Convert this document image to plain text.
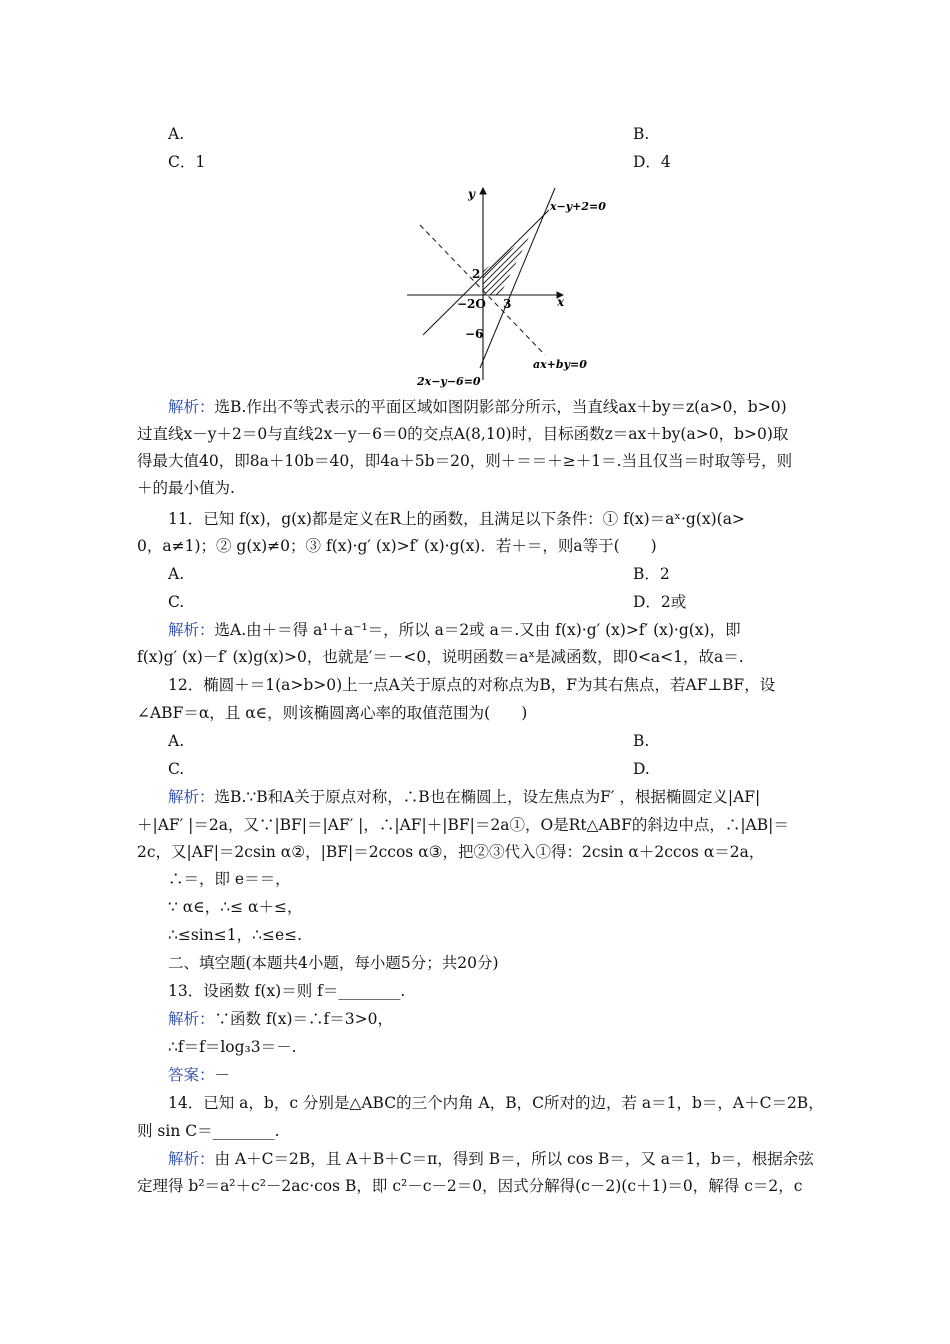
A.	B.
C．1	D．4
y
x
2
−2O 3
−6
x−y+2=0
ax+by=0
2x−y−6=0
解析：选B.作出不等式表示的平面区域如图阴影部分所示，当直线ax＋by＝z(a>0，b>0)
过直线x－y＋2＝0与直线2x－y－6＝0的交点A(8,10)时，目标函数z＝ax＋by(a>0，b>0)取
得最大值40，即8a＋10b＝40，即4a＋5b＝20，则＋＝＝＋≥＋1＝.当且仅当＝时取等号，则
＋的最小值为.
11．已知 f(x)，g(x)都是定义在R上的函数，且满足以下条件：① f(x)＝aˣ·g(x)(a>
0，a≠1)；② g(x)≠0；③ f(x)·g′ (x)>f′ (x)·g(x)．若＋＝，则a等于(　　)
A.	B．2
C.	D．2或
解析：选A.由＋＝得 a¹＋a⁻¹＝，所以 a＝2或 a＝.又由 f(x)·g′ (x)>f′ (x)·g(x)，即
f(x)g′ (x)－f′ (x)g(x)>0，也就是′＝－<0，说明函数＝aˣ是减函数，即0<a<1，故a＝.
12．椭圆＋＝1(a>b>0)上一点A关于原点的对称点为B，F为其右焦点，若AF⊥BF，设
∠ABF＝α，且 α∈，则该椭圆离心率的取值范围为(　　)
A.	B.
C.	D.
解析：选B.∵B和A关于原点对称，∴B也在椭圆上，设左焦点为F′ ，根据椭圆定义|AF|
＋|AF′ |＝2a，又∵|BF|＝|AF′ |，∴|AF|＋|BF|＝2a①，O是Rt△ABF的斜边中点，∴|AB|＝
2c，又|AF|＝2csin α②，|BF|＝2ccos α③，把②③代入①得：2csin α＋2ccos α＝2a，
∴＝，即 e＝＝，
∵ α∈，∴≤ α＋≤，
∴≤sin≤1，∴≤e≤.
二、填空题(本题共4小题，每小题5分；共20分)
13．设函数 f(x)＝则 f＝________.
解析：∵函数 f(x)＝∴f＝3>0，
∴f＝f＝log₃3＝－.
答案：－
14．已知 a，b，c 分别是△ABC的三个内角 A，B，C所对的边，若 a＝1，b＝，A＋C＝2B，
则 sin C＝________.
解析：由 A＋C＝2B，且 A＋B＋C＝π，得到 B＝，所以 cos B＝，又 a＝1，b＝，根据余弦
定理得 b²＝a²＋c²－2ac·cos B，即 c²－c－2＝0，因式分解得(c－2)(c＋1)＝0，解得 c＝2，c
